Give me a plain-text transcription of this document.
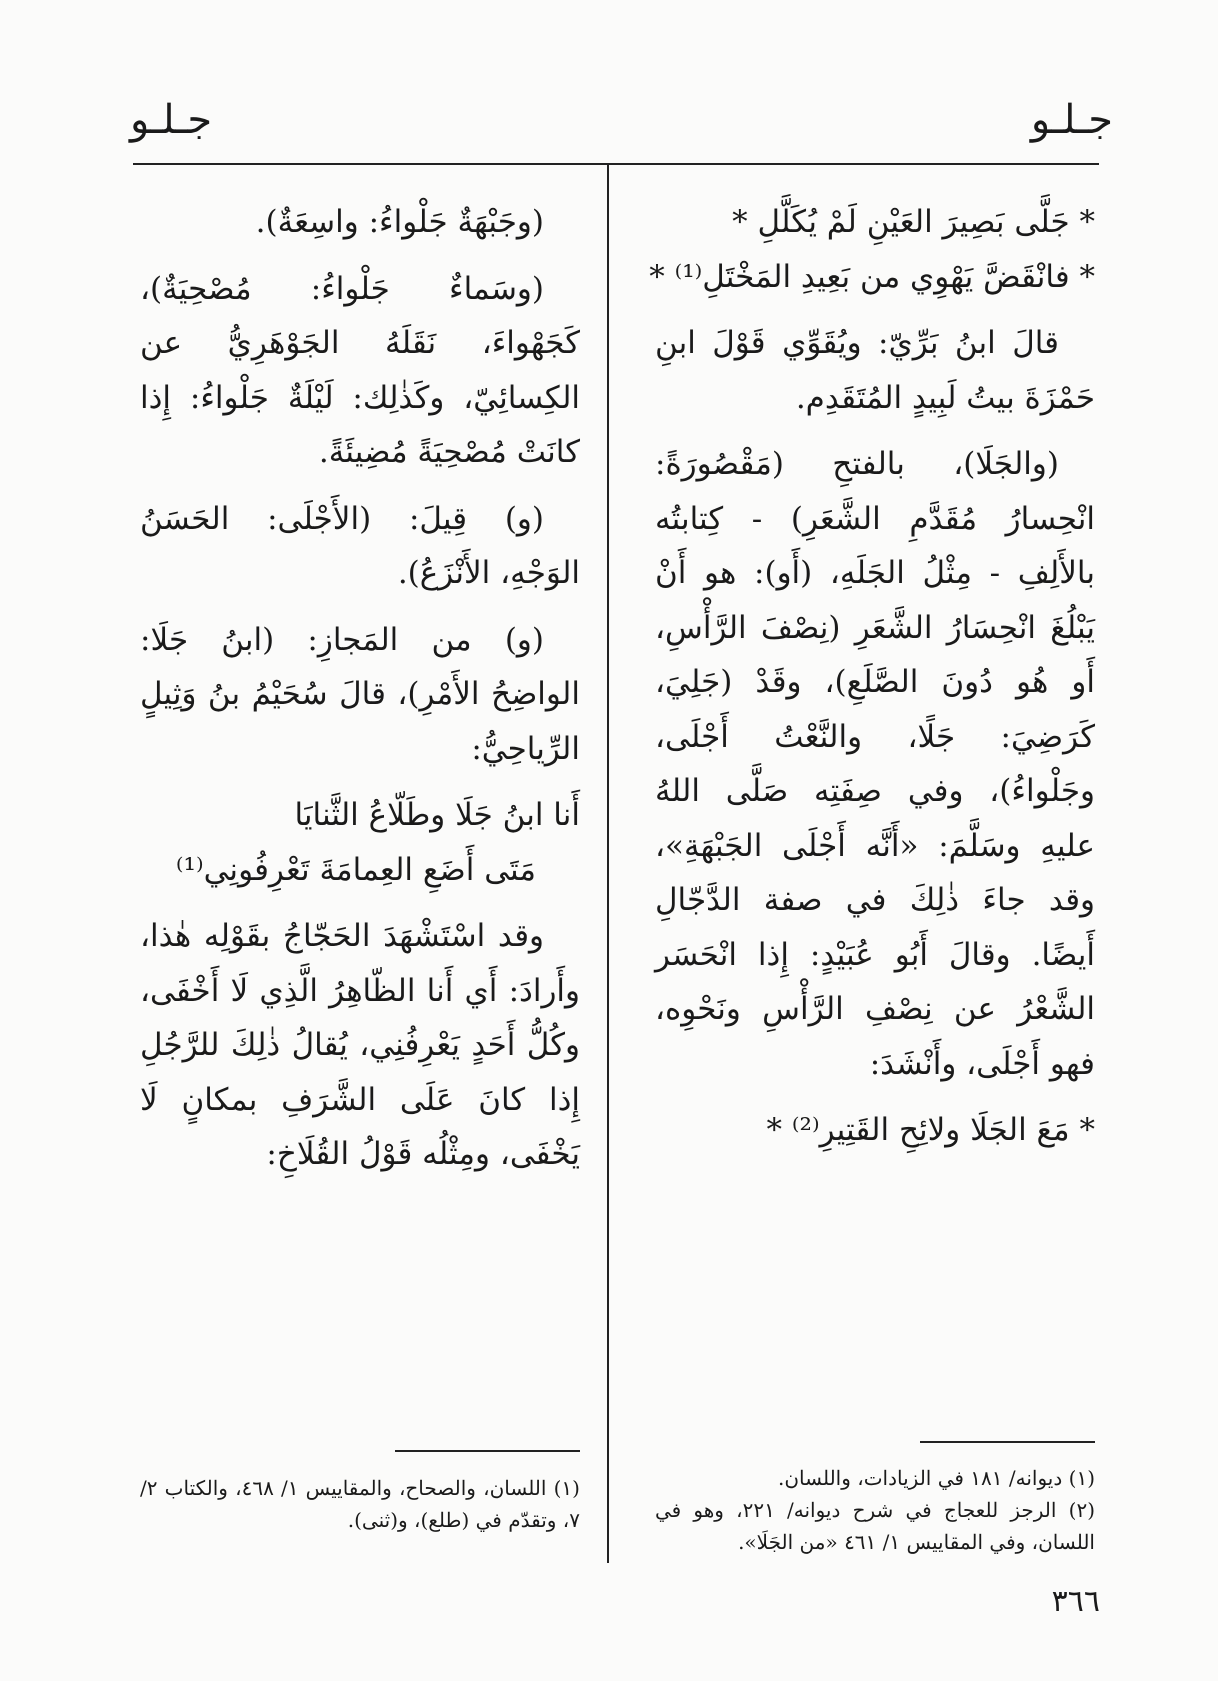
جـلـو
جـلـو
* جَلَّى بَصِيرَ العَيْنِ لَمْ يُكَلَّلِ *
* فانْقَضَّ يَهْوِي من بَعِيدِ المَخْتَلِ⁽¹⁾ *

قالَ ابنُ بَرِّيّ: ويُقَوِّي قَوْلَ ابنِ حَمْزَةَ بيتُ لَبِيدٍ المُتَقَدِم.

(والجَلَا)، بالفتحِ (مَقْصُورَةً: انْحِسارُ مُقَدَّمِ الشَّعَرِ) - كِتابتُه بالأَلِفِ - مِثْلُ الجَلَهِ، (أَو): هو أَنْ يَبْلُغَ انْحِسَارُ الشَّعَرِ (نِصْفَ الرَّأْسِ، أَو هُو دُونَ الصَّلَعِ)، وقَدْ (جَلِيَ، كَرَضِيَ: جَلًا، والنَّعْتُ أَجْلَى، وجَلْواءُ)، وفي صِفَتِه صَلَّى اللهُ عليهِ وسَلَّمَ: «أَنَّه أَجْلَى الجَبْهَةِ»، وقد جاءَ ذٰلِكَ في صفة الدَّجّالِ أَيضًا. وقالَ أَبُو عُبَيْدٍ: إِذا انْحَسَر الشَّعْرُ عن نِصْفِ الرَّأْسِ ونَحْوِه، فهو أَجْلَى، وأَنْشَدَ:

* مَعَ الجَلَا ولائِحِ القَتِيرِ⁽²⁾ *

(وجَبْهَةٌ جَلْواءُ: واسِعَةٌ).

(وسَماءٌ جَلْواءُ: مُصْحِيَةٌ)، كَجَهْواءَ، نَقَلَهُ الجَوْهَرِيُّ عن الكِسائِيّ، وكَذٰلِك: لَيْلَةٌ جَلْواءُ: إِذا كانَتْ مُصْحِيَةً مُضِيئَةً.

(و) قِيلَ: (الأَجْلَى: الحَسَنُ الوَجْهِ، الأَنْزَعُ).

(و) من المَجازِ: (ابنُ جَلَا: الواضِحُ الأَمْرِ)، قالَ سُحَيْمُ بنُ وَثِيلٍ الرِّياحِيُّ:

أَنا ابنُ جَلَا وطَلّاعُ الثَّنايَا
مَتَى أَضَعِ العِمامَةَ تَعْرِفُونِي⁽¹⁾

وقد اسْتَشْهَدَ الحَجّاجُ بقَوْلِه هٰذا، وأَرادَ: أَي أَنا الظّاهِرُ الَّذِي لَا أَخْفَى، وكُلُّ أَحَدٍ يَعْرِفُنِي، يُقالُ ذٰلِكَ للرَّجُلِ إِذا كانَ عَلَى الشَّرَفِ بمكانٍ لَا يَخْفَى، ومِثْلُه قَوْلُ القُلَاخِ:

(١) ديوانه/ ١٨١ في الزيادات، واللسان.
(٢) الرجز للعجاج في شرح ديوانه/ ٢٢١، وهو في اللسان، وفي المقاييس ١/ ٤٦١ «من الجَلَا».
(١) اللسان، والصحاح، والمقاييس ١/ ٤٦٨، والكتاب ٢/ ٧، وتقدّم في (طلع)، و(ثنى).
٣٦٦
